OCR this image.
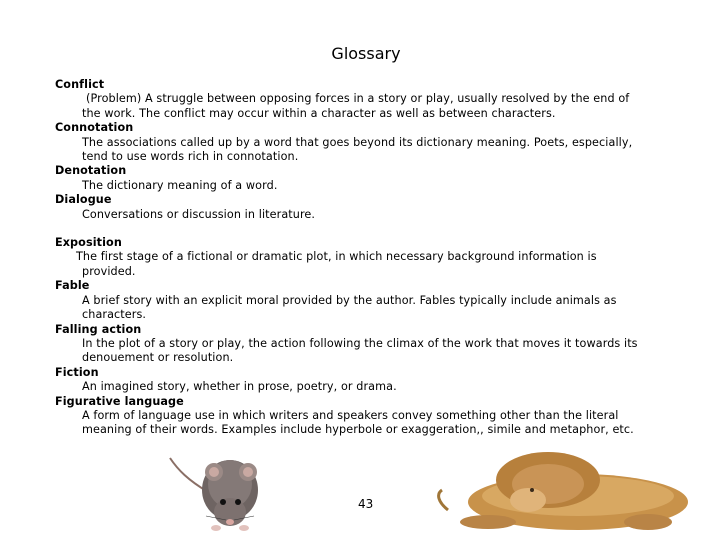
Glossary
Conflict
(Problem) A struggle between opposing forces in a story or play, usually resolved by the end of
the work. The conflict may occur within a character as well as between characters.
Connotation
The associations called up by a word that goes beyond its dictionary meaning. Poets, especially,
tend to use words rich in connotation.
Denotation
The dictionary meaning of a word.
Dialogue
Conversations or discussion in literature.
Exposition
The first stage of a fictional or dramatic plot, in which necessary background information is
provided.
Fable
A brief story with an explicit moral provided by the author. Fables typically include animals as
characters.
Falling action
In the plot of a story or play, the action following the climax of the work that moves it towards its
denouement or resolution.
Fiction
An imagined story, whether in prose, poetry, or drama.
Figurative language
A form of language use in which writers and speakers convey something other than the literal
meaning of their words. Examples include hyperbole or exaggeration,, simile and metaphor, etc.
43
